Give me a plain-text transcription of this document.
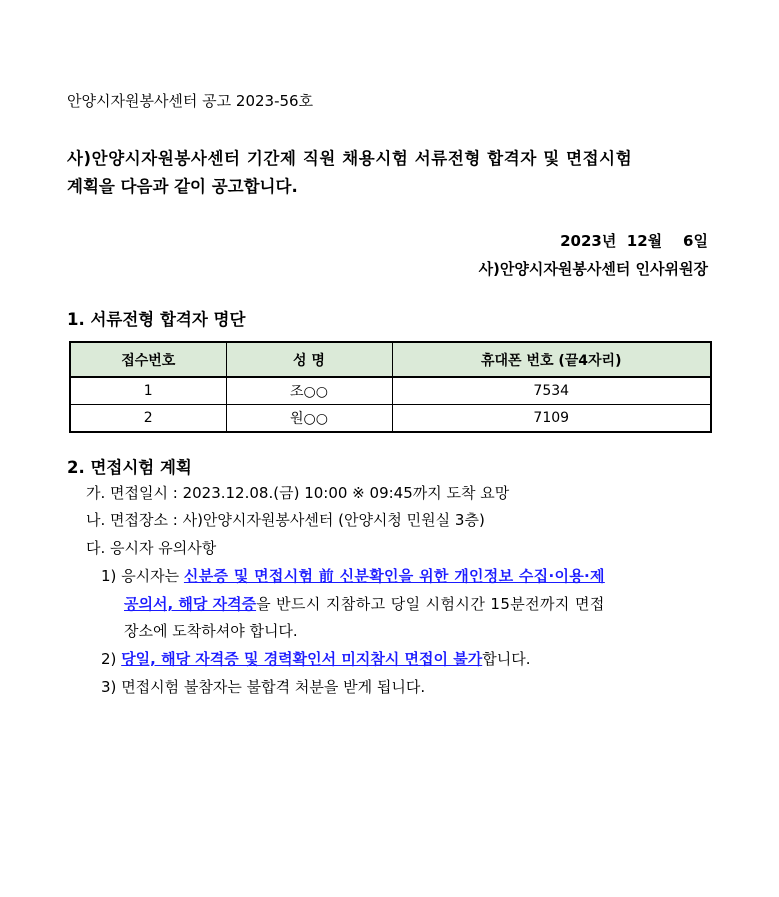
안양시자원봉사센터 공고 2023-56호
사)안양시자원봉사센터 기간제 직원 채용시험 서류전형 합격자 및 면접시험
계획을 다음과 같이 공고합니다.
2023년  12월    6일
사)안양시자원봉사센터 인사위원장
1. 서류전형 합격자 명단
접수번호	성 명	휴대폰 번호 (끝4자리)
1	조○○	7534
2	원○○	7109
2. 면접시험 계획
가. 면접일시 : 2023.12.08.(금) 10:00 ※ 09:45까지 도착 요망
나. 면접장소 : 사)안양시자원봉사센터 (안양시청 민원실 3층)
다. 응시자 유의사항
1) 응시자는 신분증 및 면접시험 前 신분확인을 위한 개인정보 수집·이용·제
공의서, 해당 자격증을 반드시 지참하고 당일 시험시간 15분전까지 면접
장소에 도착하셔야 합니다.
2) 당일, 해당 자격증 및 경력확인서 미지참시 면접이 불가합니다.
3) 면접시험 불참자는 불합격 처분을 받게 됩니다.
